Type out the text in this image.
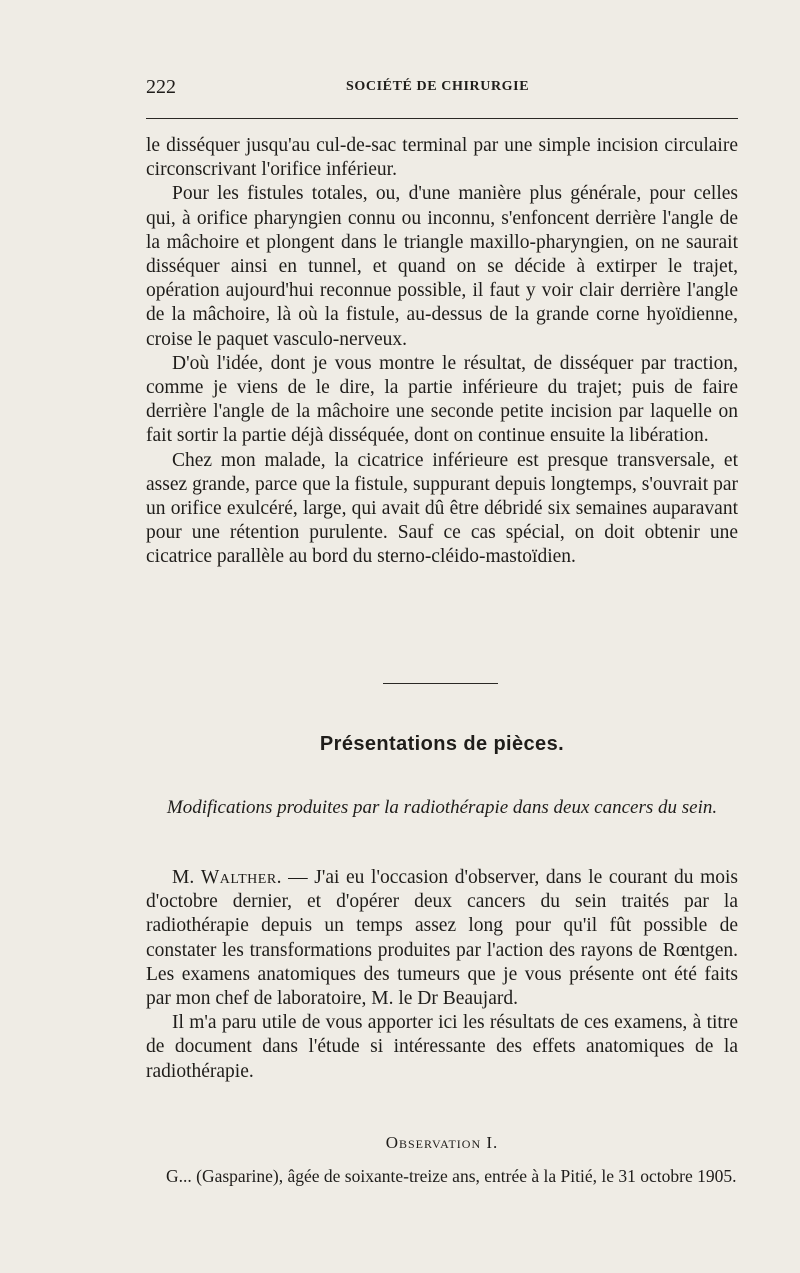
222	SOCIÉTÉ DE CHIRURGIE

le disséquer jusqu'au cul-de-sac terminal par une simple incision circulaire circonscrivant l'orifice inférieur.

Pour les fistules totales, ou, d'une manière plus générale, pour celles qui, à orifice pharyngien connu ou inconnu, s'enfoncent derrière l'angle de la mâchoire et plongent dans le triangle maxillo-pharyngien, on ne saurait disséquer ainsi en tunnel, et quand on se décide à extirper le trajet, opération aujourd'hui reconnue possible, il faut y voir clair derrière l'angle de la mâchoire, là où la fistule, au-dessus de la grande corne hyoïdienne, croise le paquet vasculo-nerveux.

D'où l'idée, dont je vous montre le résultat, de disséquer par traction, comme je viens de le dire, la partie inférieure du trajet; puis de faire derrière l'angle de la mâchoire une seconde petite incision par laquelle on fait sortir la partie déjà disséquée, dont on continue ensuite la libération.

Chez mon malade, la cicatrice inférieure est presque transversale, et assez grande, parce que la fistule, suppurant depuis longtemps, s'ouvrait par un orifice exulcéré, large, qui avait dû être débridé six semaines auparavant pour une rétention purulente. Sauf ce cas spécial, on doit obtenir une cicatrice parallèle au bord du sterno-cléido-mastoïdien.

Présentations de pièces.
Modifications produites par la radiothérapie dans deux cancers du sein.

M. Walther. — J'ai eu l'occasion d'observer, dans le courant du mois d'octobre dernier, et d'opérer deux cancers du sein traités par la radiothérapie depuis un temps assez long pour qu'il fût possible de constater les transformations produites par l'action des rayons de Rœntgen. Les examens anatomiques des tumeurs que je vous présente ont été faits par mon chef de laboratoire, M. le Dr Beaujard.

Il m'a paru utile de vous apporter ici les résultats de ces examens, à titre de document dans l'étude si intéressante des effets anatomiques de la radiothérapie.

Observation I.

G... (Gasparine), âgée de soixante-treize ans, entrée à la Pitié, le 31 octobre 1905.
